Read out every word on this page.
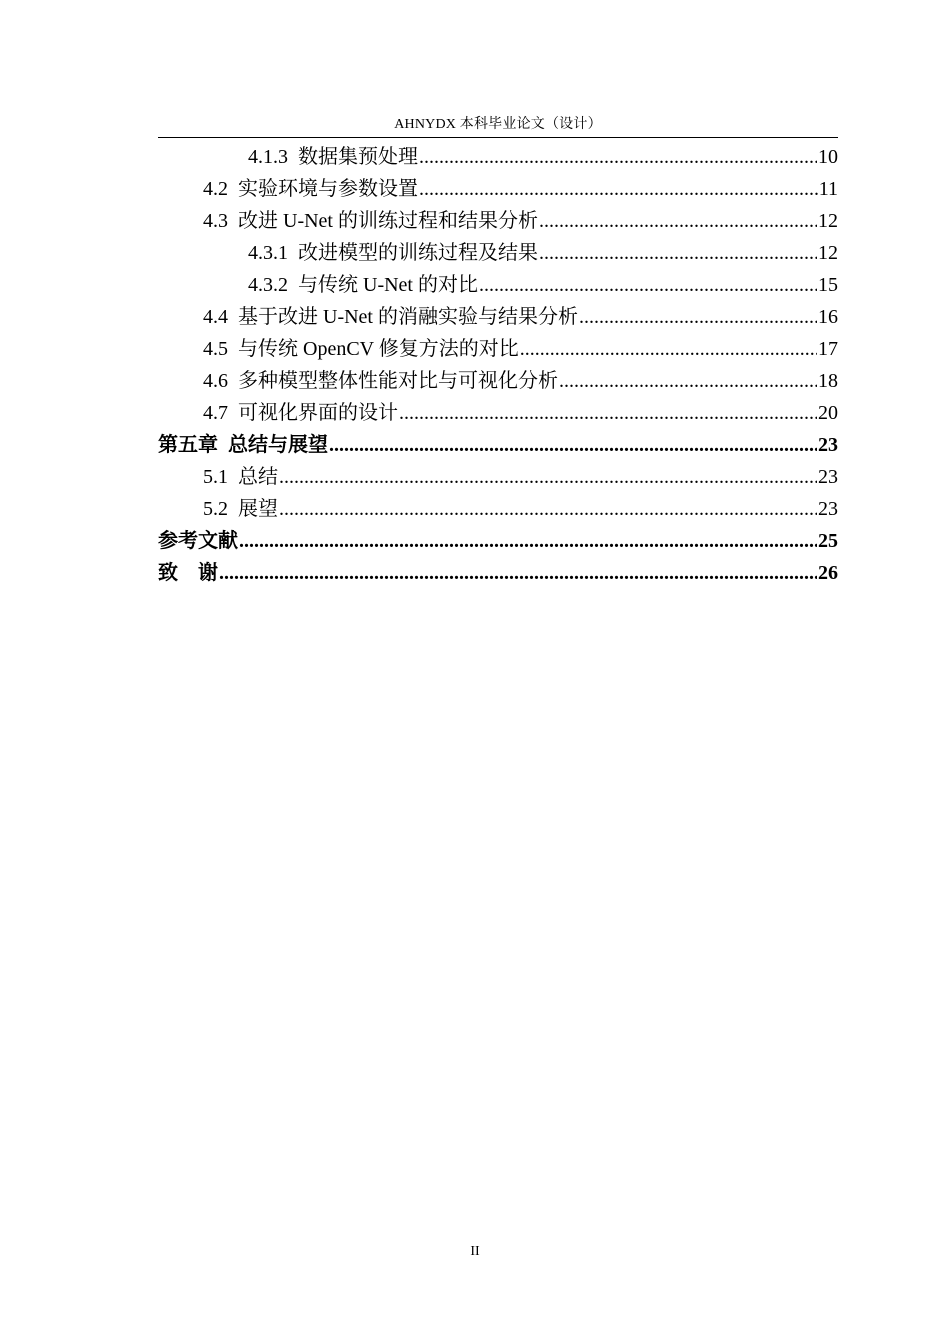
AHNYDX 本科毕业论文（设计）
4.1.3 数据集预处理 .....	10
4.2 实验环境与参数设置 .....	11
4.3 改进 U-Net 的训练过程和结果分析 .....	12
4.3.1 改进模型的训练过程及结果 .....	12
4.3.2 与传统 U-Net 的对比 .....	15
4.4 基于改进 U-Net 的消融实验与结果分析 .....	16
4.5 与传统 OpenCV 修复方法的对比 .....	17
4.6 多种模型整体性能对比与可视化分析 .....	18
4.7 可视化界面的设计 .....	20
第五章 总结与展望 .....	23
5.1 总结 .....	23
5.2 展望 .....	23
参考文献 .....	25
致　谢 .....	26
II
